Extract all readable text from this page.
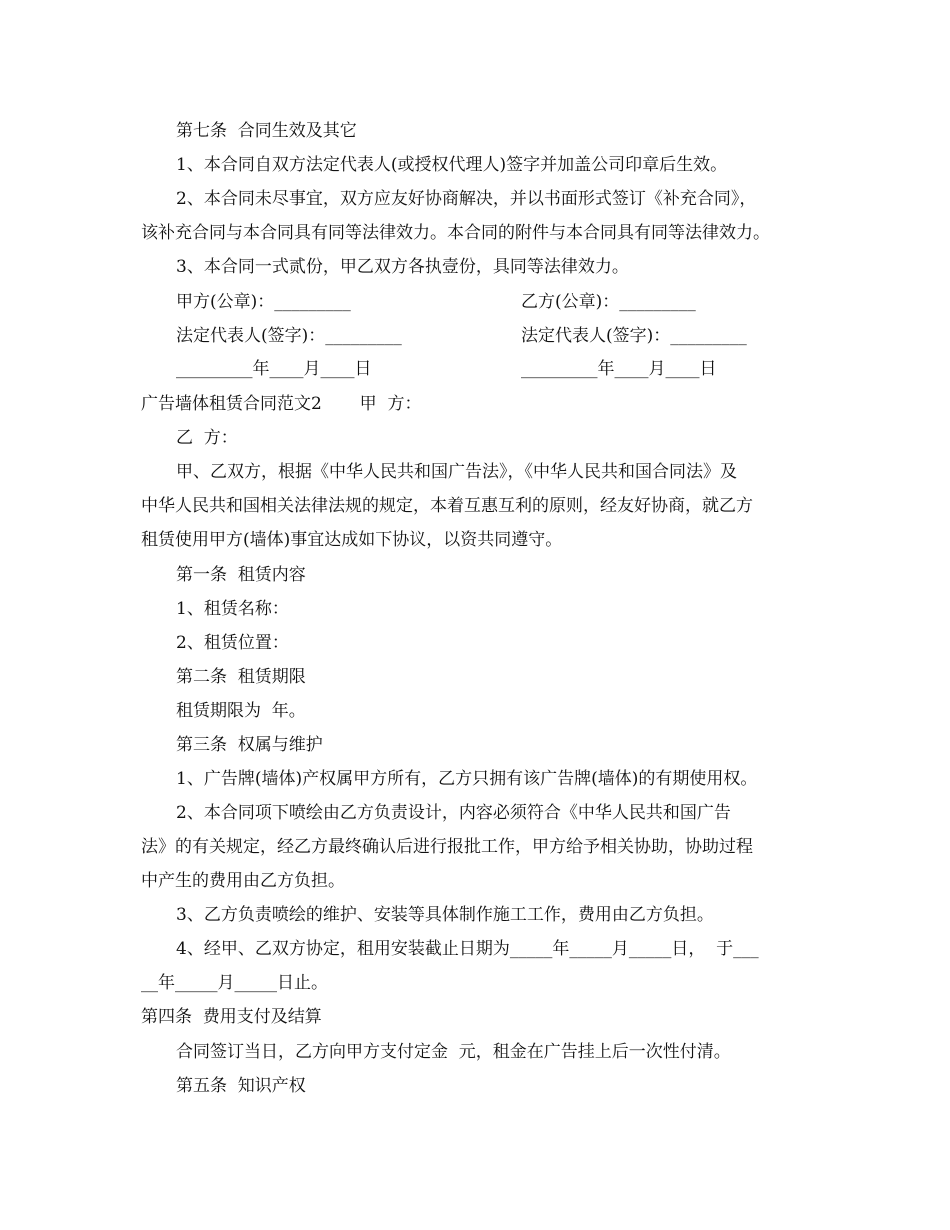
第七条  合同生效及其它
1、本合同自双方法定代表人(或授权代理人)签字并加盖公司印章后生效。
2、本合同未尽事宜，双方应友好协商解决，并以书面形式签订《补充合同》，
该补充合同与本合同具有同等法律效力。本合同的附件与本合同具有同等法律效力。
3、本合同一式贰份，甲乙双方各执壹份，具同等法律效力。
甲方(公章)：_________	乙方(公章)：_________
法定代表人(签字)：_________	法定代表人(签字)：_________
_________年____月____日	_________年____月____日
广告墙体租赁合同范文2       甲  方：
乙  方：
甲、乙双方，根据《中华人民共和国广告法》，《中华人民共和国合同法》及
中华人民共和国相关法律法规的规定，本着互惠互利的原则，经友好协商，就乙方
租赁使用甲方(墙体)事宜达成如下协议，以资共同遵守。
第一条  租赁内容
1、租赁名称：
2、租赁位置：
第二条  租赁期限
租赁期限为  年。
第三条  权属与维护
1、广告牌(墙体)产权属甲方所有，乙方只拥有该广告牌(墙体)的有期使用权。
2、本合同项下喷绘由乙方负责设计，内容必须符合《中华人民共和国广告
法》的有关规定，经乙方最终确认后进行报批工作，甲方给予相关协助，协助过程
中产生的费用由乙方负担。
3、乙方负责喷绘的维护、安装等具体制作施工工作，费用由乙方负担。
4、经甲、乙双方协定，租用安装截止日期为_____年_____月_____日，  于___
__年_____月_____日止。
第四条  费用支付及结算
合同签订当日，乙方向甲方支付定金  元，租金在广告挂上后一次性付清。
第五条  知识产权
